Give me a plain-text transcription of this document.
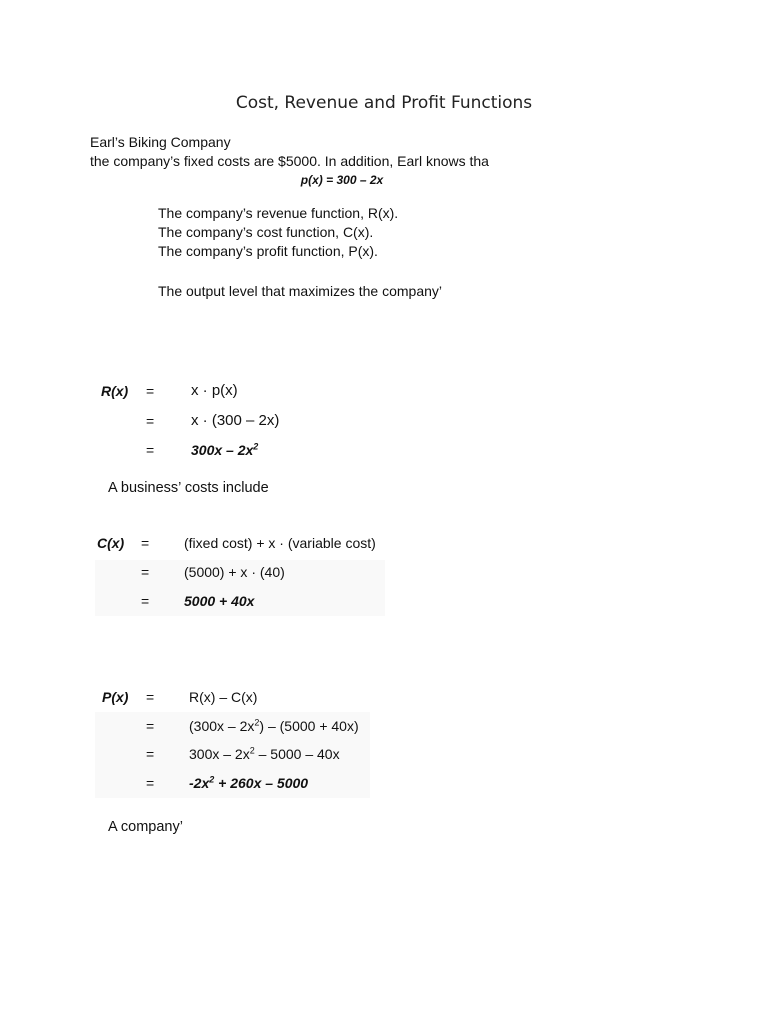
Cost, Revenue and Profit Functions
Earl’s Biking Company
the company’s fixed costs are $5000. In addition, Earl knows tha
p(x) = 300 – 2x
The company’s revenue function, R(x).
The company’s cost function, C(x).
The company’s profit function, P(x).
The output level that maximizes the company’
R(x) = x · p(x)
= x · (300 – 2x)
=	$300x - 2x^2$
A business’ costs include
C(x) = (fixed cost) + x · (variable cost)
= (5000) + x · (40)
= 5000 + 40x
P(x) = R(x) – C(x)
= $(300x - 2x^2) - (5000 + 40x)$
= $300x - 2x^2 - 5000 - 40x$
= $-2x^2 + 260x - 5000$
A company’
